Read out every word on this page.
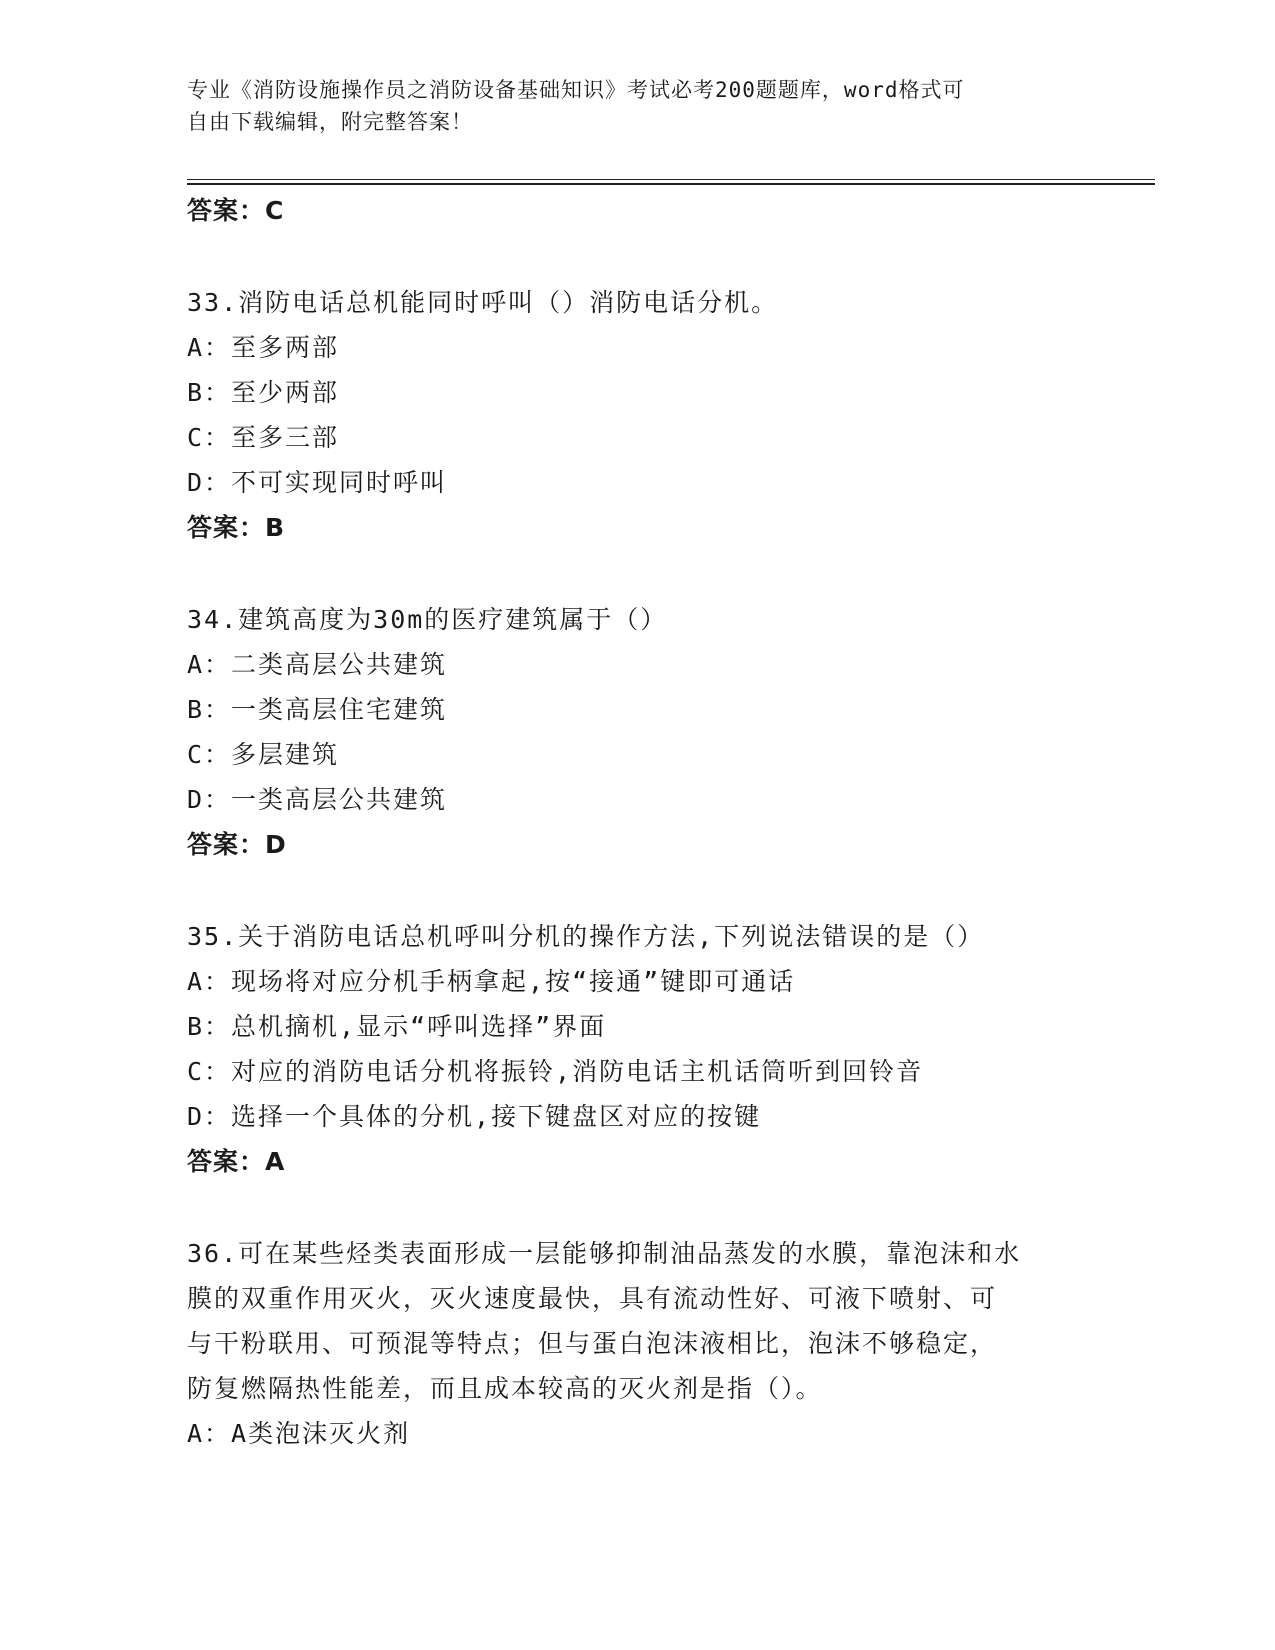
专业《消防设施操作员之消防设备基础知识》考试必考200题题库，word格式可
自由下载编辑，附完整答案！
答案：C
33.消防电话总机能同时呼叫（）消防电话分机。
A：至多两部
B：至少两部
C：至多三部
D：不可实现同时呼叫
答案：B
34.建筑高度为30m的医疗建筑属于（）
A：二类高层公共建筑
B：一类高层住宅建筑
C：多层建筑
D：一类高层公共建筑
答案：D
35.关于消防电话总机呼叫分机的操作方法,下列说法错误的是（）
A：现场将对应分机手柄拿起,按“接通”键即可通话
B：总机摘机,显示“呼叫选择”界面
C：对应的消防电话分机将振铃,消防电话主机话筒听到回铃音
D：选择一个具体的分机,接下键盘区对应的按键
答案：A
36.可在某些烃类表面形成一层能够抑制油品蒸发的水膜，靠泡沫和水
膜的双重作用灭火，灭火速度最快，具有流动性好、可液下喷射、可
与干粉联用、可预混等特点；但与蛋白泡沫液相比，泡沫不够稳定，
防复燃隔热性能差，而且成本较高的灭火剂是指（）。
A：A类泡沫灭火剂
